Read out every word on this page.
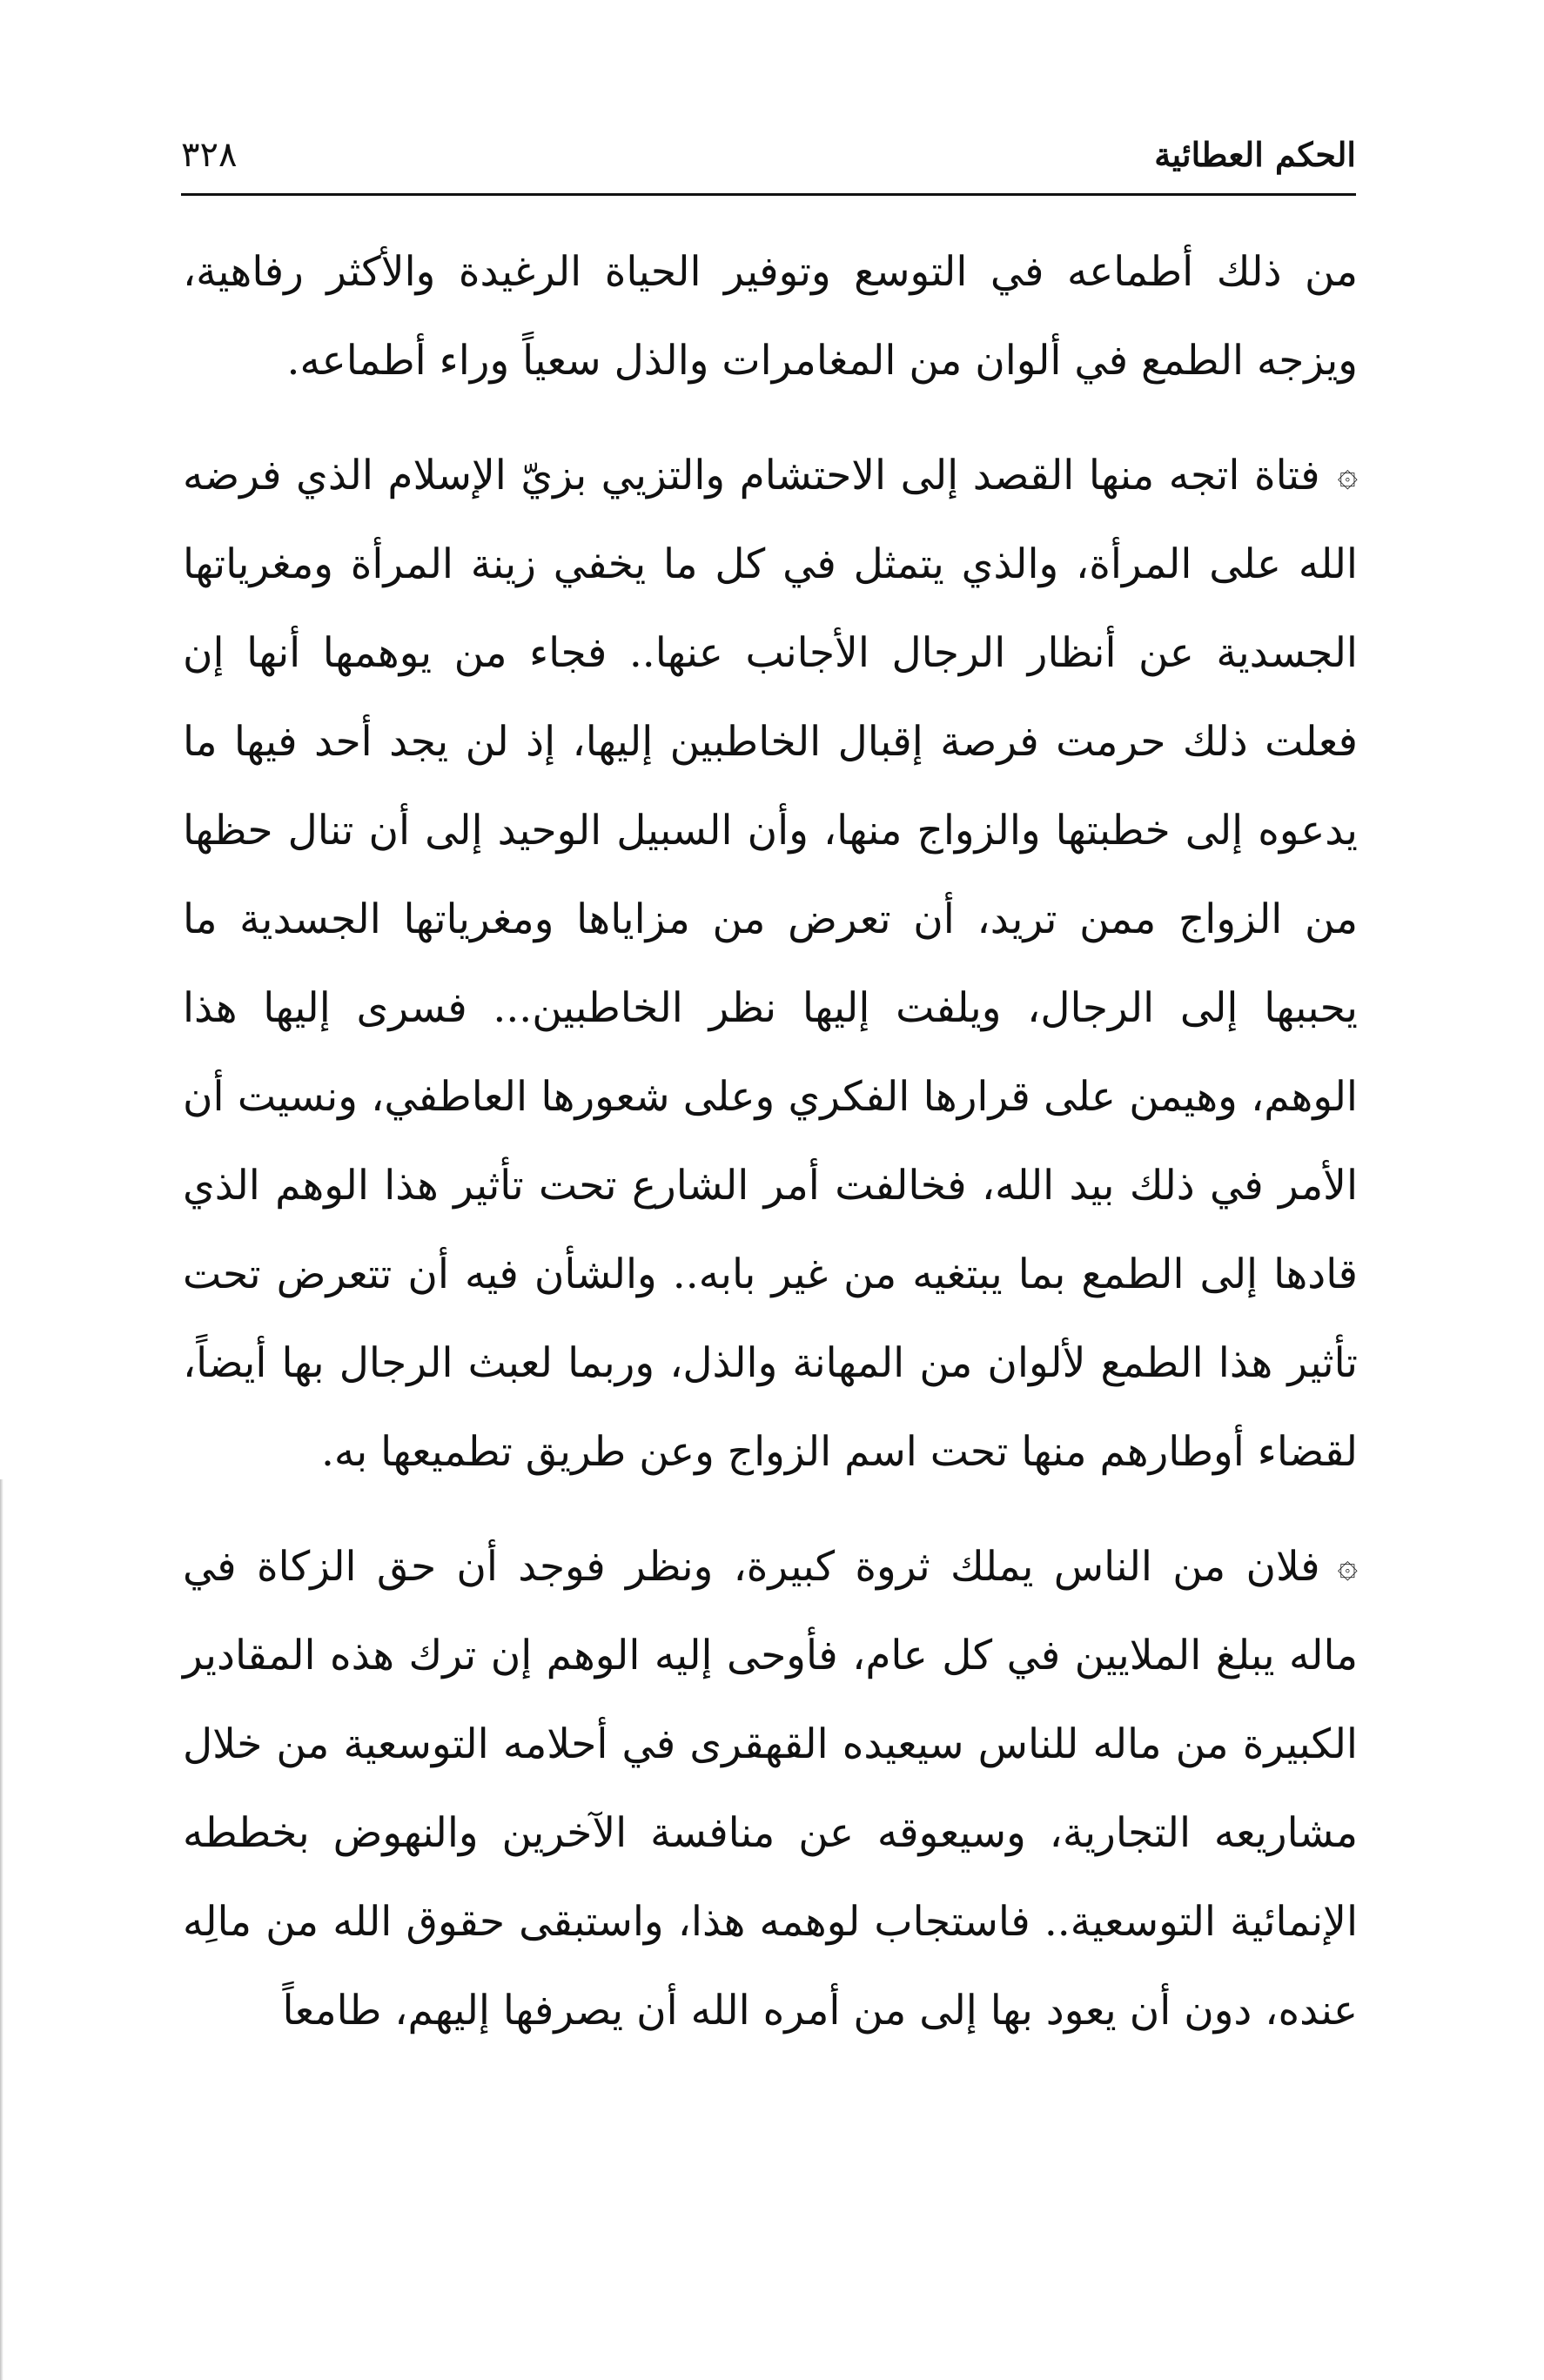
الحكم العطائية
٣٢٨

من ذلك أطماعه في التوسع وتوفير الحياة الرغيدة والأكثر رفاهية، ويزجه الطمع في ألوان من المغامرات والذل سعياً وراء أطماعه.

۞فتاة اتجه منها القصد إلى الاحتشام والتزيي بزيّ الإسلام الذي فرضه الله على المرأة، والذي يتمثل في كل ما يخفي زينة المرأة ومغرياتها الجسدية عن أنظار الرجال الأجانب عنها.. فجاء من يوهمها أنها إن فعلت ذلك حرمت فرصة إقبال الخاطبين إليها، إذ لن يجد أحد فيها ما يدعوه إلى خطبتها والزواج منها، وأن السبيل الوحيد إلى أن تنال حظها من الزواج ممن تريد، أن تعرض من مزاياها ومغرياتها الجسدية ما يحببها إلى الرجال، ويلفت إليها نظر الخاطبين... فسرى إليها هذا الوهم، وهيمن على قرارها الفكري وعلى شعورها العاطفي، ونسيت أن الأمر في ذلك بيد الله، فخالفت أمر الشارع تحت تأثير هذا الوهم الذي قادها إلى الطمع بما يبتغيه من غير بابه.. والشأن فيه أن تتعرض تحت تأثير هذا الطمع لألوان من المهانة والذل، وربما لعبث الرجال بها أيضاً، لقضاء أوطارهم منها تحت اسم الزواج وعن طريق تطميعها به.

۞فلان من الناس يملك ثروة كبيرة، ونظر فوجد أن حق الزكاة في ماله يبلغ الملايين في كل عام، فأوحى إليه الوهم إن ترك هذه المقادير الكبيرة من ماله للناس سيعيده القهقرى في أحلامه التوسعية من خلال مشاريعه التجارية، وسيعوقه عن منافسة الآخرين والنهوض بخططه الإنمائية التوسعية.. فاستجاب لوهمه هذا، واستبقى حقوق الله من مالِه عنده، دون أن يعود بها إلى من أمره الله أن يصرفها إليهم، طامعاً
